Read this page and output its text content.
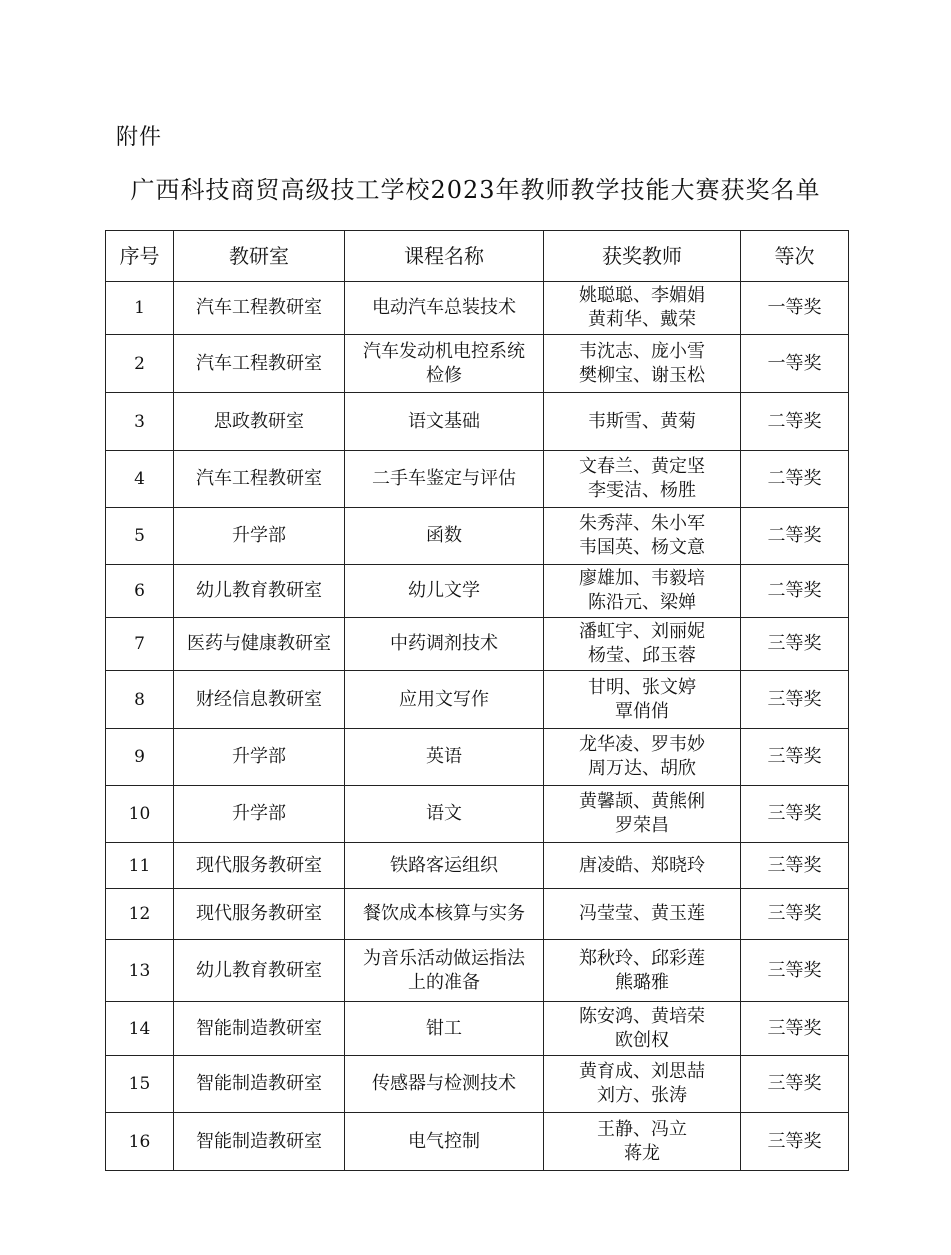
附件
广西科技商贸高级技工学校2023年教师教学技能大赛获奖名单
序号	教研室	课程名称	获奖教师	等次
1	汽车工程教研室	电动汽车总装技术	姚聪聪、李媚娟
黄莉华、戴荣	一等奖
2	汽车工程教研室	汽车发动机电控系统
检修	韦沈志、庞小雪
樊柳宝、谢玉松	一等奖
3	思政教研室	语文基础	韦斯雪、黄菊	二等奖
4	汽车工程教研室	二手车鉴定与评估	文春兰、黄定坚
李雯洁、杨胜	二等奖
5	升学部	函数	朱秀萍、朱小军
韦国英、杨文意	二等奖
6	幼儿教育教研室	幼儿文学	廖雄加、韦毅培
陈沿元、梁婵	二等奖
7	医药与健康教研室	中药调剂技术	潘虹宇、刘丽妮
杨莹、邱玉蓉	三等奖
8	财经信息教研室	应用文写作	甘明、张文婷
覃俏俏	三等奖
9	升学部	英语	龙华凌、罗韦妙
周万达、胡欣	三等奖
10	升学部	语文	黄馨颉、黄熊俐
罗荣昌	三等奖
11	现代服务教研室	铁路客运组织	唐凌皓、郑晓玲	三等奖
12	现代服务教研室	餐饮成本核算与实务	冯莹莹、黄玉莲	三等奖
13	幼儿教育教研室	为音乐活动做运指法
上的准备	郑秋玲、邱彩莲
熊璐雅	三等奖
14	智能制造教研室	钳工	陈安鸿、黄培荣
欧创权	三等奖
15	智能制造教研室	传感器与检测技术	黄育成、刘思喆
刘方、张涛	三等奖
16	智能制造教研室	电气控制	王静、冯立
蒋龙	三等奖
